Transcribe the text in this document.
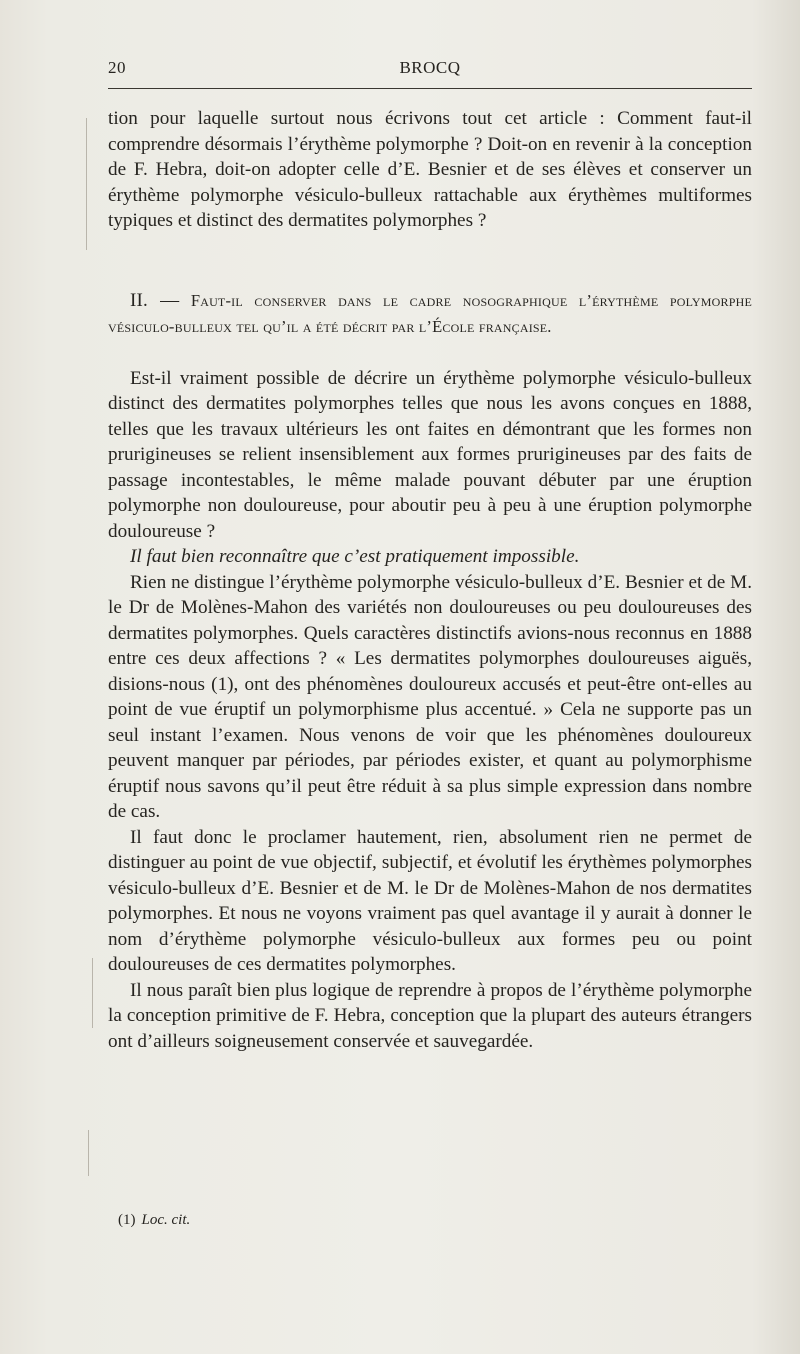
20	BROCQ

tion pour laquelle surtout nous écrivons tout cet article : Comment faut-il comprendre désormais l’érythème polymorphe ? Doit-on en revenir à la conception de F. Hebra, doit-on adopter celle d’E. Besnier et de ses élèves et conserver un érythème polymorphe vésiculo-bulleux rattachable aux érythèmes multiformes typiques et distinct des dermatites polymorphes ?

II. — Faut-il conserver dans le cadre nosographique l’érythème polymorphe vésiculo-bulleux tel qu’il a été décrit par l’École française.

Est-il vraiment possible de décrire un érythème polymorphe vésiculo-bulleux distinct des dermatites polymorphes telles que nous les avons conçues en 1888, telles que les travaux ultérieurs les ont faites en démontrant que les formes non prurigineuses se relient insensiblement aux formes prurigineuses par des faits de passage incontestables, le même malade pouvant débuter par une éruption polymorphe non douloureuse, pour aboutir peu à peu à une éruption polymorphe douloureuse ?

Il faut bien reconnaître que c’est pratiquement impossible.

Rien ne distingue l’érythème polymorphe vésiculo-bulleux d’E. Besnier et de M. le Dr de Molènes-Mahon des variétés non douloureuses ou peu douloureuses des dermatites polymorphes. Quels caractères distinctifs avions-nous reconnus en 1888 entre ces deux affections ? « Les dermatites polymorphes douloureuses aiguës, disions-nous (1), ont des phénomènes douloureux accusés et peut-être ont-elles au point de vue éruptif un polymorphisme plus accentué. » Cela ne supporte pas un seul instant l’examen. Nous venons de voir que les phénomènes douloureux peuvent manquer par périodes, par périodes exister, et quant au polymorphisme éruptif nous savons qu’il peut être réduit à sa plus simple expression dans nombre de cas.

Il faut donc le proclamer hautement, rien, absolument rien ne permet de distinguer au point de vue objectif, subjectif, et évolutif les érythèmes polymorphes vésiculo-bulleux d’E. Besnier et de M. le Dr de Molènes-Mahon de nos dermatites polymorphes. Et nous ne voyons vraiment pas quel avantage il y aurait à donner le nom d’érythème polymorphe vésiculo-bulleux aux formes peu ou point douloureuses de ces dermatites polymorphes.

Il nous paraît bien plus logique de reprendre à propos de l’érythème polymorphe la conception primitive de F. Hebra, conception que la plupart des auteurs étrangers ont d’ailleurs soigneusement conservée et sauvegardée.

(1) Loc. cit.
